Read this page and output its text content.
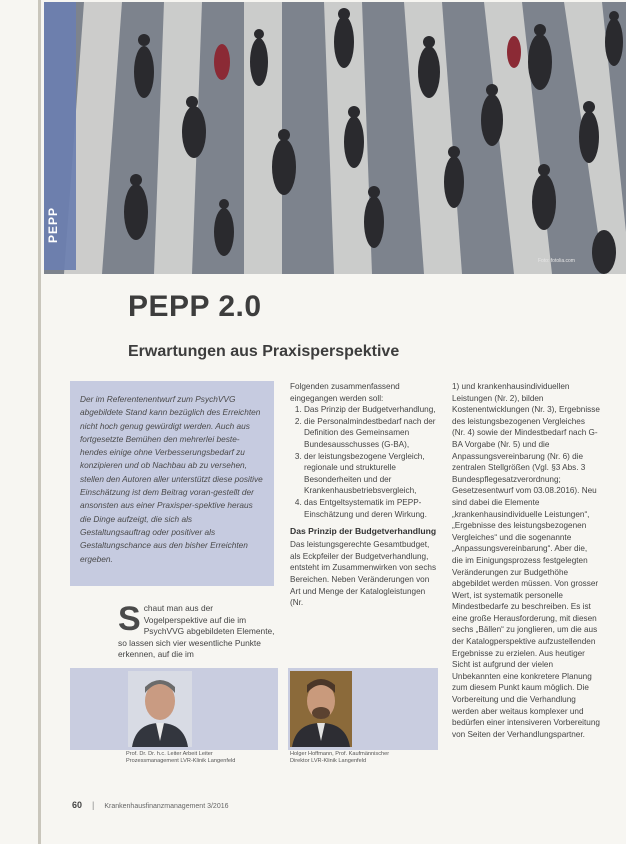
PEPP
Foto: fotolia.com
PEPP 2.0
Erwartungen aus Praxisperspektive

Der im Referentenentwurf zum PsychVVG abgebildete Stand kann bezüglich des Erreichten nicht hoch genug gewürdigt werden. Auch aus fortgesetzte Bemühen den mehrerlei beste-hendes einige ohne Verbesserungsbedarf zu konzipieren und ob Nachbau ab zu versehen, stellen den Autoren aller unterstützt diese positive Einschätzung ist dem Beitrag voran-gestellt der ansonsten aus einer Praxisper-spektive heraus die Dinge aufzeigt, die sich als Gestaltungsauftrag oder positiver als Gestaltungschance aus den bisher Erreichten ergeben.

Schaut man aus der Vogelperspektive auf die im PsychVVG abgebildeten Elemente, so lassen sich vier wesentliche Punkte erkennen, auf die im

Folgenden zusammenfassend eingegangen werden soll:

1. Das Prinzip der Budgetverhandlung,
2. die Personalmindestbedarf nach der Definition des Gemeinsamen Bundesausschusses (G-BA),
3. der leistungsbezogene Vergleich, regionale und strukturelle Besonderheiten und der Krankenhausbetriebsvergleich,
4. das Entgeltsystematik im PEPP-Einschätzung und deren Wirkung.
Das Prinzip der Budgetverhandlung

Das leistungsgerechte Gesamtbudget, als Eckpfeiler der Budgetverhandlung, entsteht im Zusammenwirken von sechs Bereichen. Neben Veränderungen von Art und Menge der Katalogleistungen (Nr.

1) und krankenhausindividuellen Leistungen (Nr. 2), bilden Kostenentwicklungen (Nr. 3), Ergebnisse des leistungsbezogenen Vergleiches (Nr. 4) sowie der Mindestbedarf nach G-BA Vorgabe (Nr. 5) und die Anpassungsvereinbarung (Nr. 6) die zentralen Stellgrößen (Vgl. §3 Abs. 3 Bundespflegesatzverordnung; Gesetzesentwurf vom 03.08.2016). Neu sind dabei die Elemente „krankenhausindividuelle Leistungen“, „Ergebnisse des leistungsbezogenen Vergleiches“ und die sogenannte „Anpassungsvereinbarung“. Aber die, die im Einigungsprozess festgelegten Veränderungen zur Budgethöhe abgebildet werden müssen. Von grosser Wert, ist systematik personelle Mindestbedarfe zu beschreiben. Es ist eine große Herausforderung, mit diesen sechs „Bällen“ zu jonglieren, um die aus der Katalogperspektive aufzustellenden Ergebnisse zu erzielen. Aus heutiger Sicht ist aufgrund der vielen Unbekannten eine konkretere Planung zum diesem Punkt kaum möglich. Die Vorbereitung und die Verhandlung werden aber weitaus komplexer und bedürfen einer intensiveren Vorbereitung von Seiten der Verhandlungspartner.

Prof. Dr. Dr. h.c. Leiter Arbeit Leiter Prozessmanagement LVR-Klinik Langenfeld
Holger Hoffmann, Prof. Kaufmännischer Direktor LVR-Klinik Langenfeld
60 | Krankenhausfinanzmanagement 3/2016
